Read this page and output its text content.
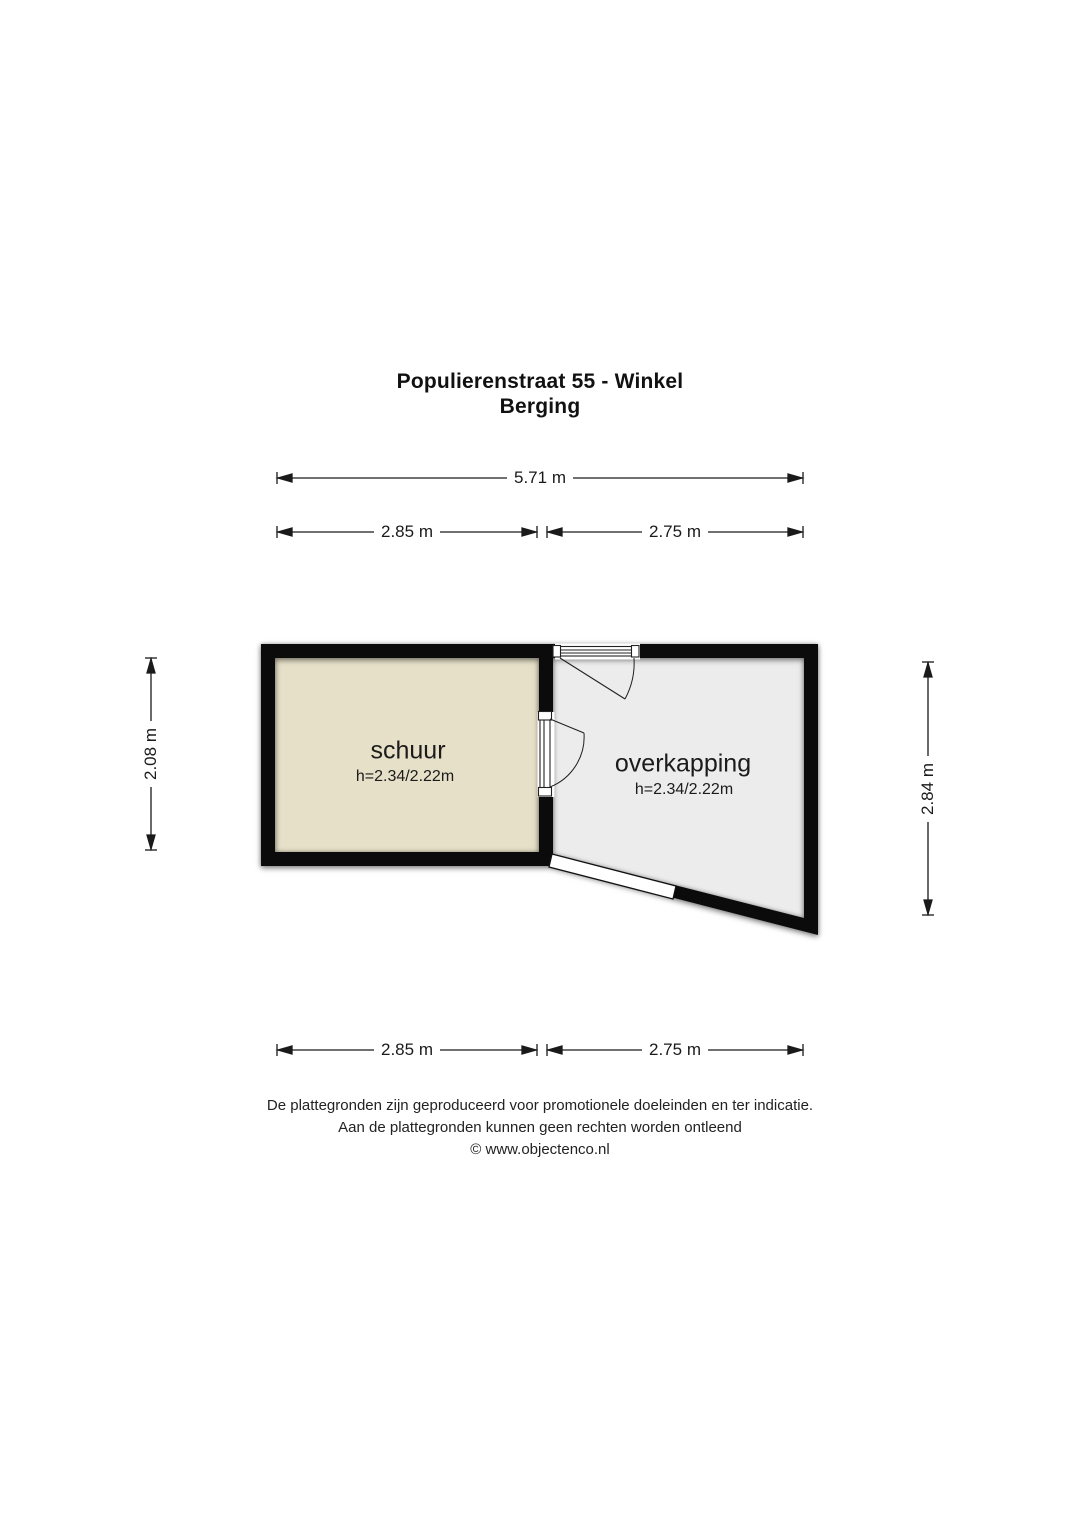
Populierenstraat 55 - Winkel
Berging
5.71 m
2.85 m	2.75 m
2.08 m
2.84 m
2.85 m	2.75 m
schuur
h=2.34/2.22m	overkapping
h=2.34/2.22m
De plattegronden zijn geproduceerd voor promotionele doeleinden en ter indicatie.
Aan de plattegronden kunnen geen rechten worden ontleend
© www.objectenco.nl
